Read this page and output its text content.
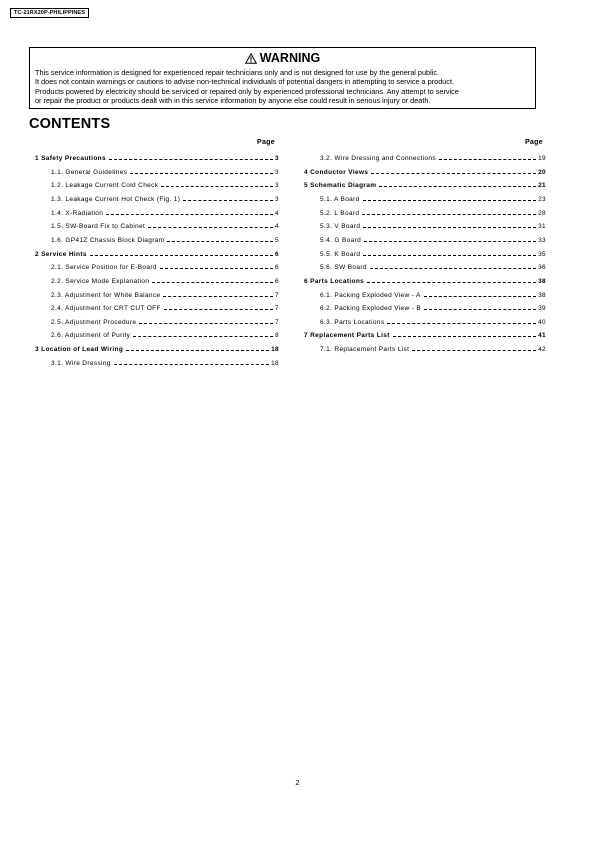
TC-21RX20P-PHILIPPINES
WARNING
This service information is designed for experienced repair technicians only and is not designed for use by the general public.
It does not contain warnings or cautions to advise non-technical individuals of potential dangers in attempting to service a product.
Products powered by electricity should be serviced or repaired only by experienced professional technicians. Any attempt to service
or repair the product or products dealt with in this service information by anyone else could result in serious injury or death.
CONTENTS
Page	Page
1 Safety Precautions	3
1.1. General Guidelines	3
1.2. Leakage Current Cold Check	3
1.3. Leakage Current Hot Check (Fig. 1)	3
1.4. X-Radiation	4
1.5. SW-Board Fix to Cabinet	4
1.6. GP41Z Chassis Block Diagram	5
2 Service Hints	6
2.1. Service Position for E-Board	6
2.2. Service Mode Explanation	6
2.3. Adjustment for White Balance	7
2.4. Adjustment for CRT CUT OFF	7
2.5. Adjustment Procedure	7
2.6. Adjustment of Purity	8
3 Location of Lead Wiring	18
3.1. Wire Dressing	18
3.2. Wire Dressing and Connections	19
4 Conductor Views	20
5 Schematic Diagram	21
5.1. A Board	23
5.2. L Board	28
5.3. V Board	31
5.4. G Board	33
5.5. K Board	35
5.6. SW Board	36
6 Parts Locations	38
6.1. Packing Exploded View - A	38
6.2. Packing Exploded View - B	39
6.3. Parts Locations	40
7 Replacement Parts List	41
7.1. Replacement Parts List	42
2
